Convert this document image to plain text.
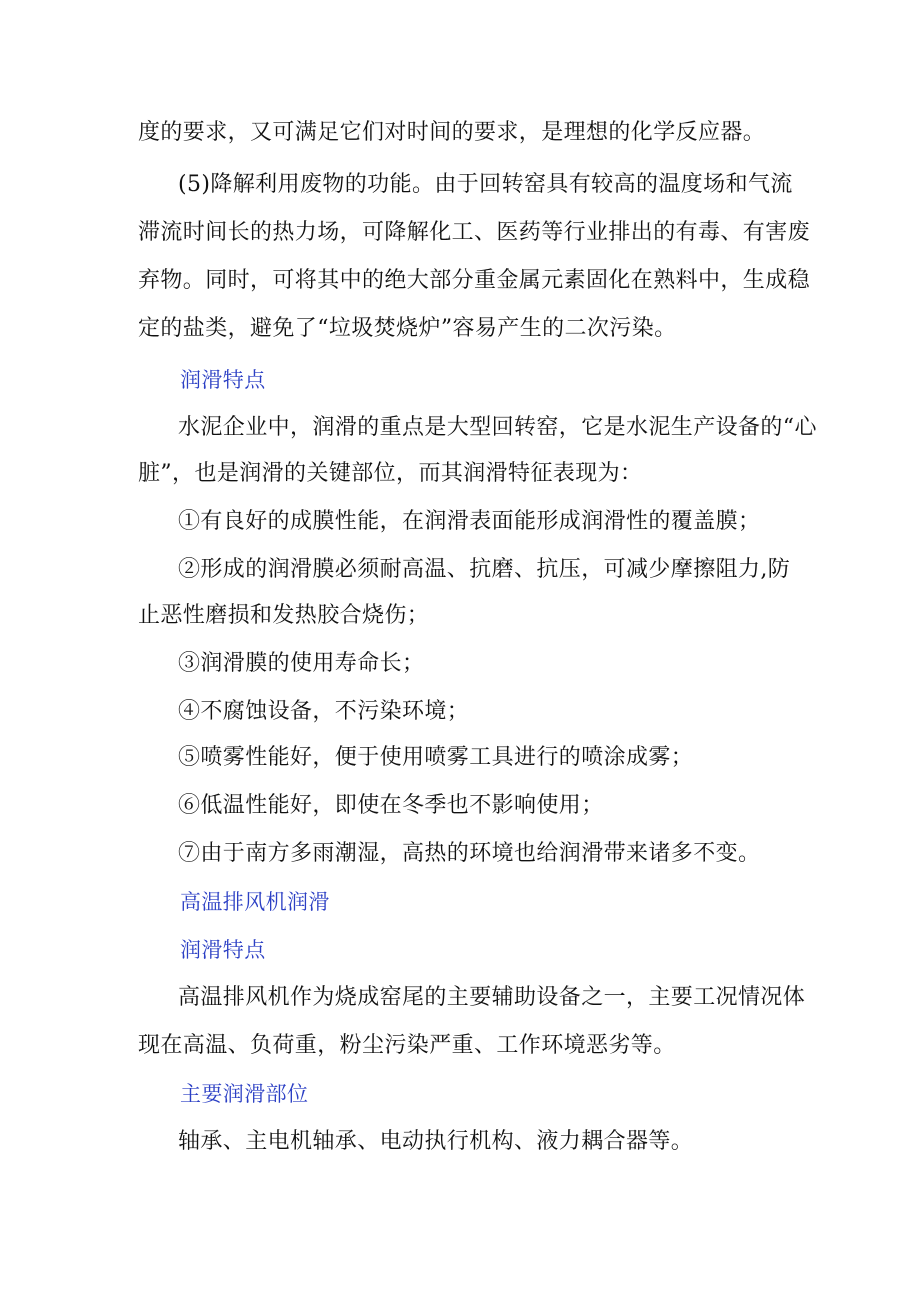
度的要求，又可满足它们对时间的要求，是理想的化学反应器。
(5)降解利用废物的功能。由于回转窑具有较高的温度场和气流
滞流时间长的热力场，可降解化工、医药等行业排出的有毒、有害废
弃物。同时，可将其中的绝大部分重金属元素固化在熟料中，生成稳
定的盐类，避免了“垃圾焚烧炉”容易产生的二次污染。
润滑特点
水泥企业中，润滑的重点是大型回转窑，它是水泥生产设备的“心
脏”，也是润滑的关键部位，而其润滑特征表现为：
①有良好的成膜性能，在润滑表面能形成润滑性的覆盖膜；
②形成的润滑膜必须耐高温、抗磨、抗压，可减少摩擦阻力,防
止恶性磨损和发热胶合烧伤；
③润滑膜的使用寿命长；
④不腐蚀设备，不污染环境；
⑤喷雾性能好，便于使用喷雾工具进行的喷涂成雾；
⑥低温性能好，即使在冬季也不影响使用；
⑦由于南方多雨潮湿，高热的环境也给润滑带来诸多不变。
高温排风机润滑
润滑特点
高温排风机作为烧成窑尾的主要辅助设备之一，主要工况情况体
现在高温、负荷重，粉尘污染严重、工作环境恶劣等。
主要润滑部位
轴承、主电机轴承、电动执行机构、液力耦合器等。
